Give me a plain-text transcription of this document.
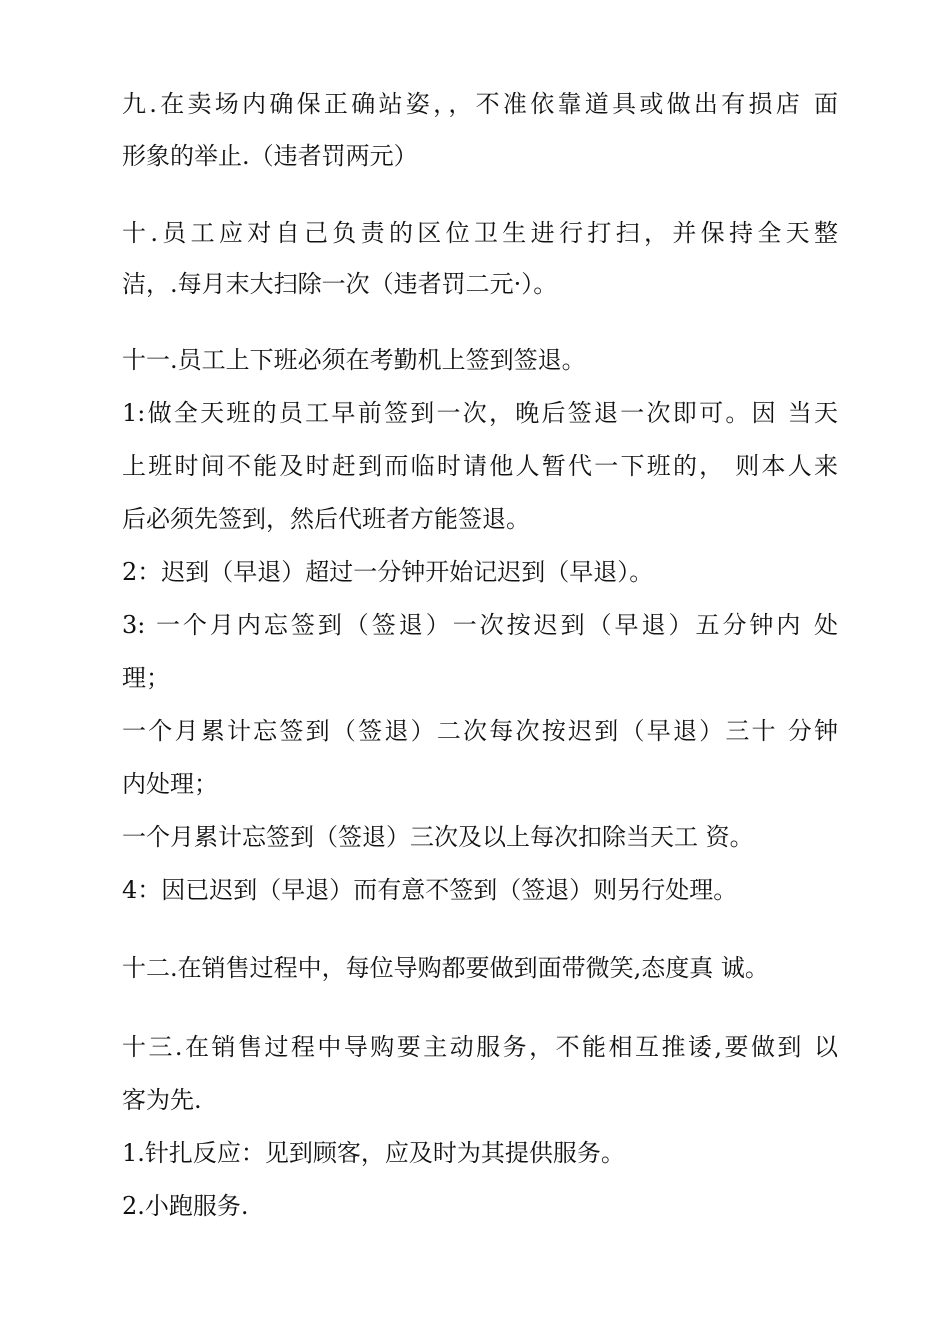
九.在卖场内确保正确站姿，，不准依靠道具或做出有损店 面

形象的举止.（违者罚两元）

十.员工应对自己负责的区位卫生进行打扫，并保持全天整

洁，.每月末大扫除一次（违者罚二元·）。

十一.员工上下班必须在考勤机上签到签退。

1:做全天班的员工早前签到一次，晚后签退一次即可。因 当天

上班时间不能及时赶到而临时请他人暂代一下班的， 则本人来

后必须先签到，然后代班者方能签退。

2：迟到（早退）超过一分钟开始记迟到（早退）。

3: 一个月内忘签到（签退）一次按迟到（早退）五分钟内 处

理；

一个月累计忘签到（签退）二次每次按迟到（早退）三十 分钟

内处理；

一个月累计忘签到（签退）三次及以上每次扣除当天工 资。

4：因已迟到（早退）而有意不签到（签退）则另行处理。

十二.在销售过程中，每位导购都要做到面带微笑,态度真 诚。

十三.在销售过程中导购要主动服务，不能相互推诿,要做到 以

客为先.

1.针扎反应：见到顾客，应及时为其提供服务。

2.小跑服务.
